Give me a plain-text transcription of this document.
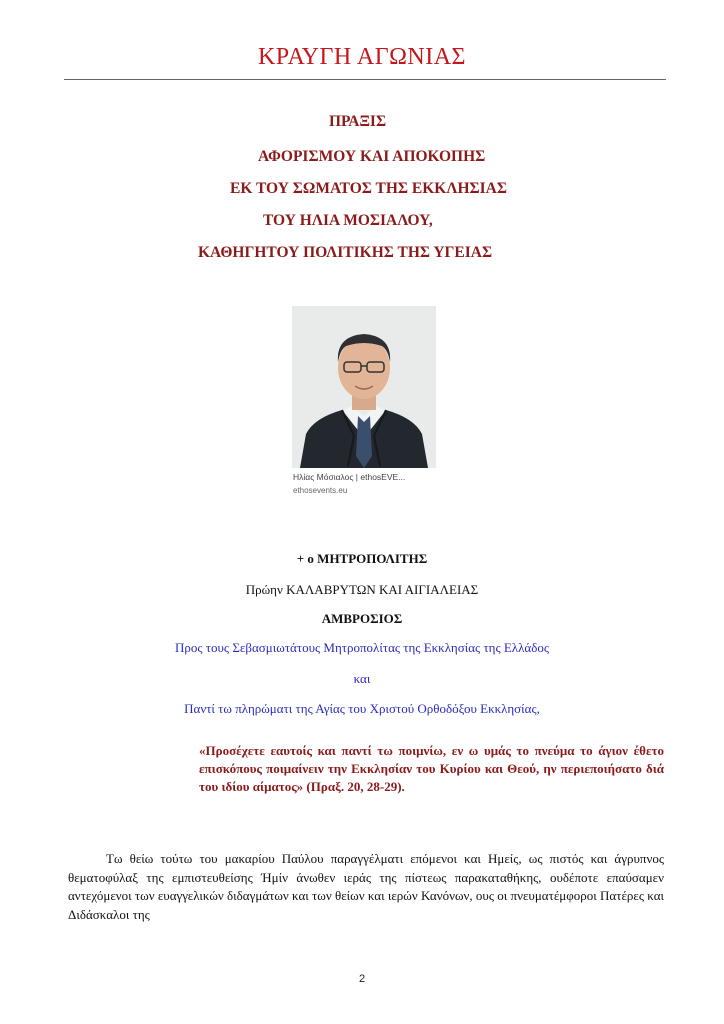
ΚΡΑΥΓΗ ΑΓΩΝΙΑΣ
ΠΡΑΞΙΣ
ΑΦΟΡΙΣΜΟΥ ΚΑΙ ΑΠΟΚΟΠΗΣ
ΕΚ ΤΟΥ ΣΩΜΑΤΟΣ ΤΗΣ ΕΚΚΛΗΣΙΑΣ
ΤΟΥ ΗΛΙΑ ΜΟΣΙΑΛΟΥ,
ΚΑΘΗΓΗΤΟΥ ΠΟΛΙΤΙΚΗΣ ΤΗΣ ΥΓΕΙΑΣ
Ηλίας Μόσιαλος | ethosEVE...
ethosevents.eu
+ ο ΜΗΤΡΟΠΟΛΙΤΗΣ
Πρώην ΚΑΛΑΒΡΥΤΩΝ ΚΑΙ ΑΙΓΙΑΛΕΙΑΣ
ΑΜΒΡΟΣΙΟΣ
Προς τους Σεβασμιωτάτους Μητροπολίτας της Εκκλησίας της Ελλάδος
και
Παντί τω πληρώματι της Αγίας του Χριστού Ορθοδόξου Εκκλησίας,
«Προσέχετε εαυτοίς και παντί τω ποιμνίω, εν ω υμάς το πνεύμα το άγιον έθετο επισκόπους ποιμαίνειν την Εκκλησίαν του Κυρίου και Θεού, ην περιεποιήσατο διά του ιδίου αίματος» (Πραξ. 20, 28-29).
Τω θείω τούτω του μακαρίου Παύλου παραγγέλματι επόμενοι και Ημείς, ως πιστός και άγρυπνος θεματοφύλαξ της εμπιστευθείσης Ήμίν άνωθεν ιεράς της πίστεως παρακαταθήκης, ουδέποτε επαύσαμεν αντεχόμενοι των ευαγγελικών διδαγμάτων και των θείων και ιερών Κανόνων, ους οι πνευματέμφοροι Πατέρες και Διδάσκαλοι της
2
